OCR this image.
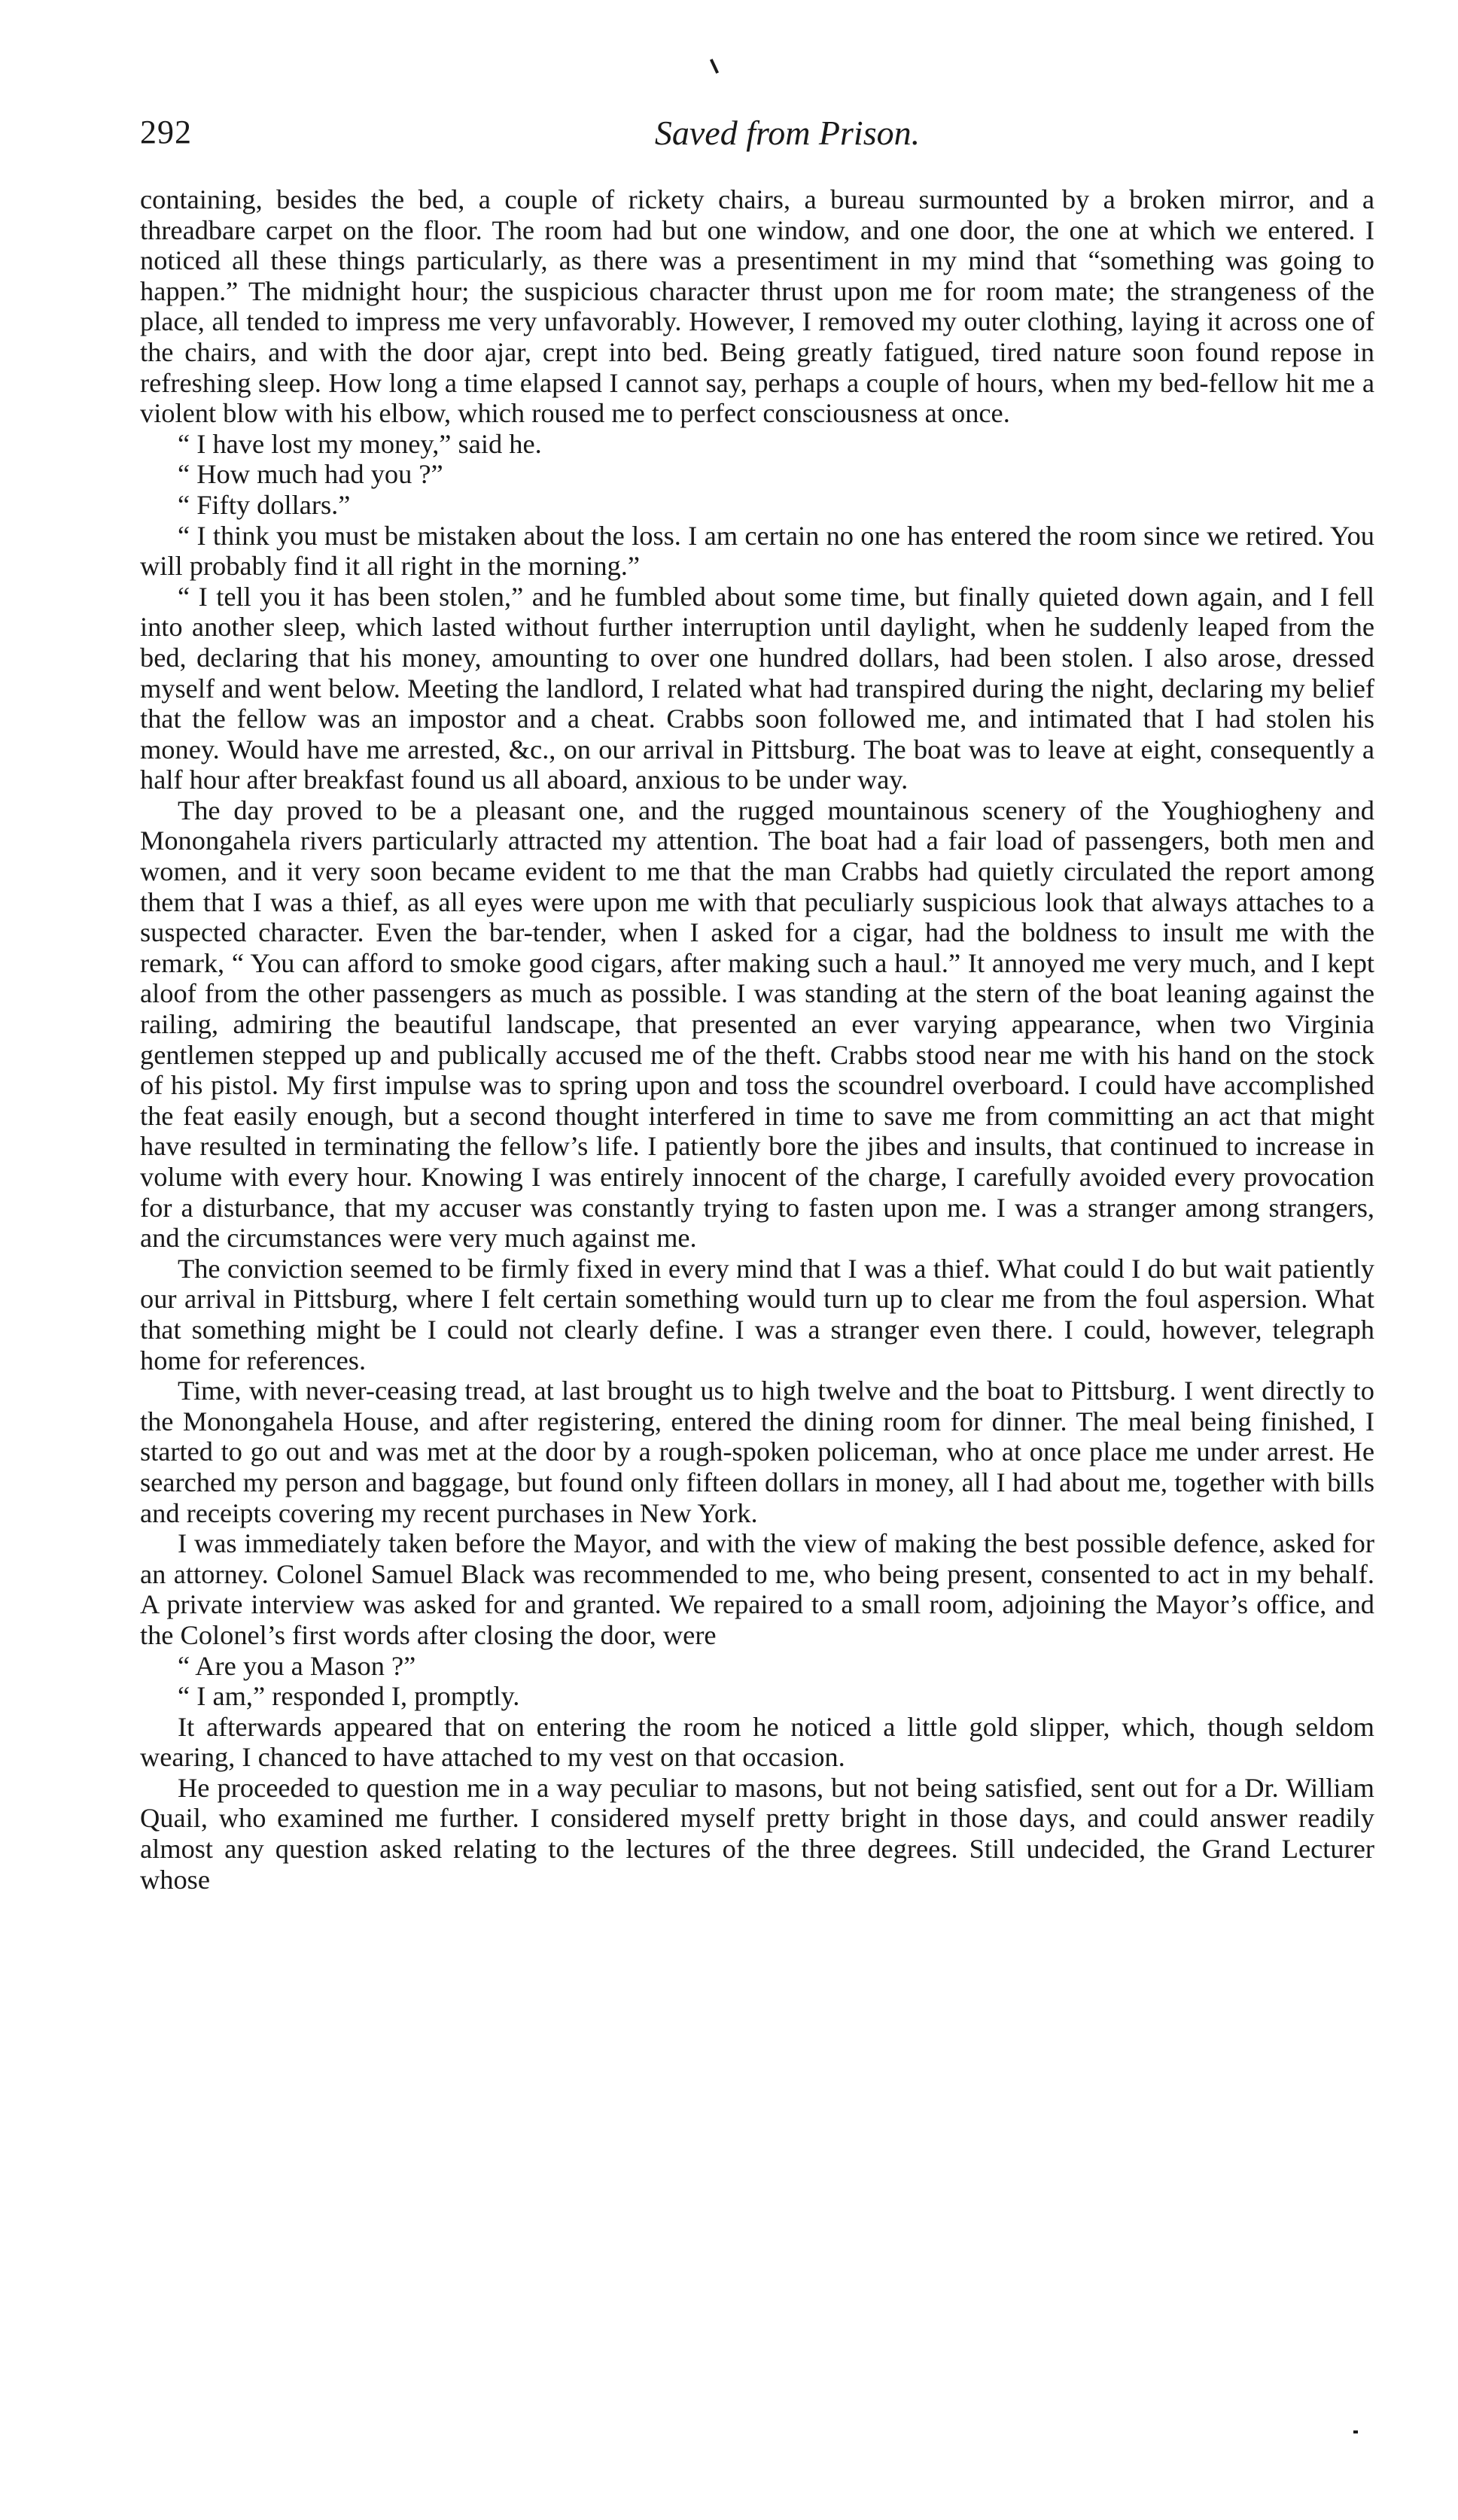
292	Saved from Prison.

containing, besides the bed, a couple of rickety chairs, a bureau surmounted by a broken mirror, and a threadbare carpet on the floor. The room had but one window, and one door, the one at which we entered. I noticed all these things particularly, as there was a presentiment in my mind that “something was going to happen.” The midnight hour; the suspicious character thrust upon me for room mate; the strangeness of the place, all tended to impress me very unfavorably. However, I removed my outer clothing, laying it across one of the chairs, and with the door ajar, crept into bed. Being greatly fatigued, tired nature soon found repose in refreshing sleep. How long a time elapsed I cannot say, perhaps a couple of hours, when my bed-fellow hit me a violent blow with his elbow, which roused me to perfect consciousness at once.

“ I have lost my money,” said he.

“ How much had you ?”

“ Fifty dollars.”

“ I think you must be mistaken about the loss. I am certain no one has entered the room since we retired. You will probably find it all right in the morning.”

“ I tell you it has been stolen,” and he fumbled about some time, but finally quieted down again, and I fell into another sleep, which lasted without further interruption until daylight, when he suddenly leaped from the bed, declaring that his money, amounting to over one hundred dollars, had been stolen. I also arose, dressed myself and went below. Meeting the landlord, I related what had transpired during the night, declaring my belief that the fellow was an impostor and a cheat. Crabbs soon followed me, and intimated that I had stolen his money. Would have me arrested, &c., on our arrival in Pittsburg. The boat was to leave at eight, consequently a half hour after breakfast found us all aboard, anxious to be under way.

The day proved to be a pleasant one, and the rugged mountainous scenery of the Youghiogheny and Monongahela rivers particularly attracted my attention. The boat had a fair load of passengers, both men and women, and it very soon became evident to me that the man Crabbs had quietly circulated the report among them that I was a thief, as all eyes were upon me with that peculiarly suspicious look that always attaches to a suspected character. Even the bar-tender, when I asked for a cigar, had the boldness to insult me with the remark, “ You can afford to smoke good cigars, after making such a haul.” It annoyed me very much, and I kept aloof from the other passengers as much as possible. I was standing at the stern of the boat leaning against the railing, admiring the beautiful landscape, that presented an ever varying appearance, when two Virginia gentlemen stepped up and publically accused me of the theft. Crabbs stood near me with his hand on the stock of his pistol. My first impulse was to spring upon and toss the scoundrel overboard. I could have accomplished the feat easily enough, but a second thought interfered in time to save me from committing an act that might have resulted in terminating the fellow’s life. I patiently bore the jibes and insults, that continued to increase in volume with every hour. Knowing I was entirely innocent of the charge, I carefully avoided every provocation for a disturbance, that my accuser was constantly trying to fasten upon me. I was a stranger among strangers, and the circumstances were very much against me.

The conviction seemed to be firmly fixed in every mind that I was a thief. What could I do but wait patiently our arrival in Pittsburg, where I felt certain something would turn up to clear me from the foul aspersion. What that something might be I could not clearly define. I was a stranger even there. I could, however, telegraph home for references.

Time, with never-ceasing tread, at last brought us to high twelve and the boat to Pittsburg. I went directly to the Monongahela House, and after registering, entered the dining room for dinner. The meal being finished, I started to go out and was met at the door by a rough-spoken policeman, who at once place me under arrest. He searched my person and baggage, but found only fifteen dollars in money, all I had about me, together with bills and receipts covering my recent purchases in New York.

I was immediately taken before the Mayor, and with the view of making the best possible defence, asked for an attorney. Colonel Samuel Black was recommended to me, who being present, consented to act in my behalf. A private interview was asked for and granted. We repaired to a small room, adjoining the Mayor’s office, and the Colonel’s first words after closing the door, were

“ Are you a Mason ?”

“ I am,” responded I, promptly.

It afterwards appeared that on entering the room he noticed a little gold slipper, which, though seldom wearing, I chanced to have attached to my vest on that occasion.

He proceeded to question me in a way peculiar to masons, but not being satisfied, sent out for a Dr. William Quail, who examined me further. I considered myself pretty bright in those days, and could answer readily almost any question asked relating to the lectures of the three degrees. Still undecided, the Grand Lecturer whose
